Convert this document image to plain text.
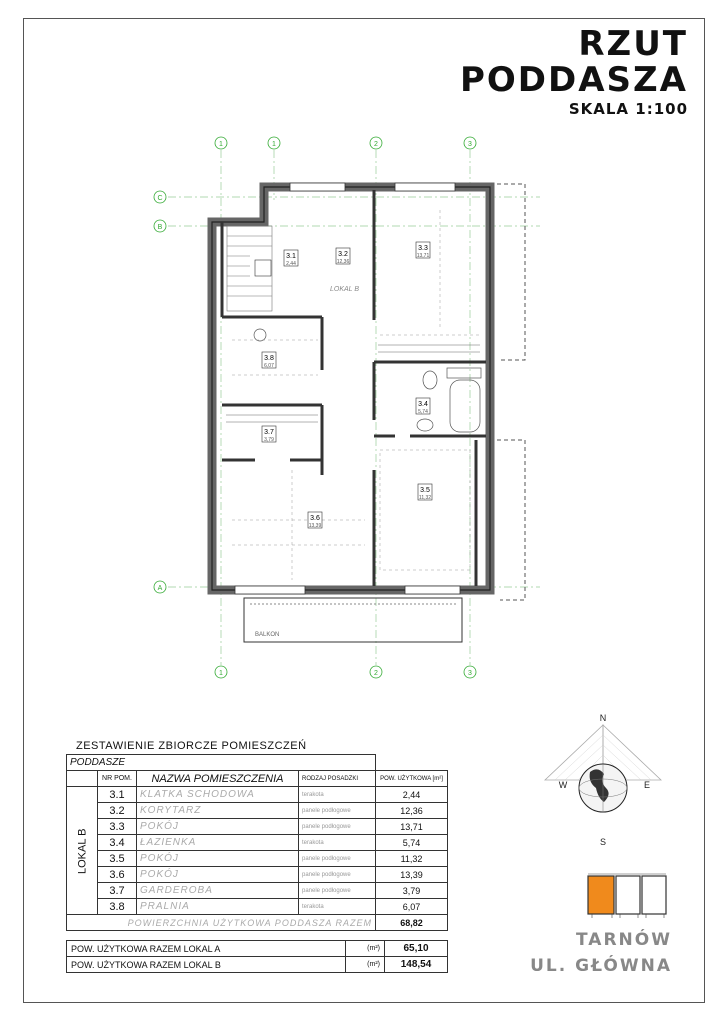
RZUT
PODDASZA
SKALA 1:100
1	1	2	3
1	2	3
C
B
A
BALKON
LOKAL B
3.1
2,44
3.2
12,36
3.3
13,71
3.4
5,74
3.5
11,32
3.6
13,39
3.7
3,79
3.8
6,07
N
S
E
W
ZESTAWIENIE ZBIORCZE POMIESZCZEŃ
PODDASZE				
	NR POM.	NAZWA POMIESZCZENIA	RODZAJ POSADZKI	POW. UŻYTKOWA [m²]
LOKAL B	3.1	KLATKA SCHODOWA	terakota	2,44
	3.2	KORYTARZ	panele podłogowe	12,36
	3.3	POKÓJ	panele podłogowe	13,71
	3.4	ŁAZIENKA	terakota	5,74
	3.5	POKÓJ	panele podłogowe	11,32
	3.6	POKÓJ	panele podłogowe	13,39
	3.7	GARDEROBA	panele podłogowe	3,79
	3.8	PRALNIA	terakota	6,07
POWIERZCHNIA UŻYTKOWA PODDASZA RAZEM				68,82
POW. UŻYTKOWA RAZEM LOKAL A	(m²)	65,10
POW. UŻYTKOWA RAZEM LOKAL B	(m²)	148,54
TARNÓW
UL. GŁÓWNA
